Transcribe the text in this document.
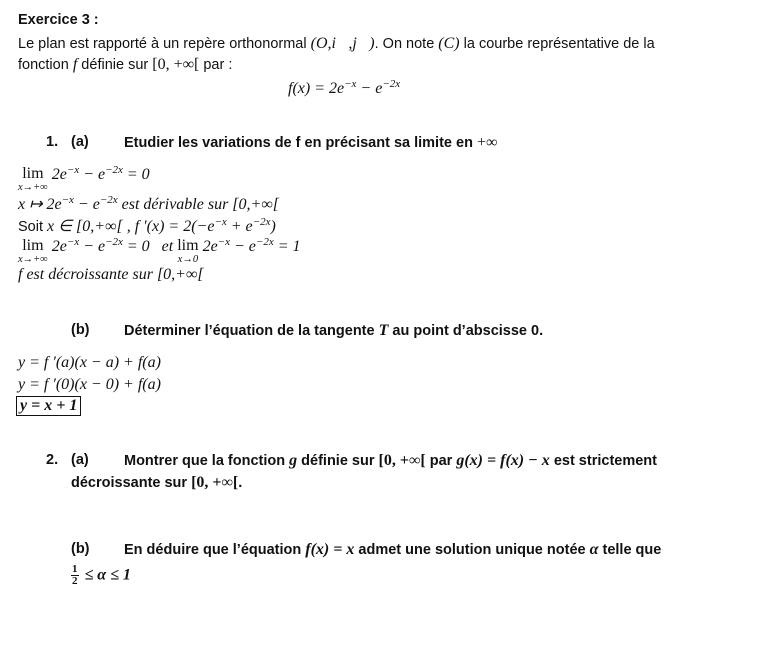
Exercice 3 :
Le plan est rapporté à un repère orthonormal (O,i⃗,j⃗). On note (C) la courbe représentative de la
fonction f définie sur [0, +∞[ par :
$f(x) = 2e^{-x} - e^{-2x}$
1. (a) Etudier les variations de f en précisant sa limite en +∞
lim
x→+∞
$2e^{-x} - e^{-2x} = 0$
x ↦ $2e^{-x} - e^{-2x}$ est dérivable sur [0,+∞[
Soit x ∈ [0,+∞[ , f $'(x) = 2(-e^{-x} + e^{-2x})$
lim
x→+∞
$2e^{-x} - e^{-2x} = 0$   et lim
x→0
$2e^{-x} - e^{-2x} = 1$
f est décroissante sur [0,+∞[
(b) Déterminer l’équation de la tangente T au point d’abscisse 0.
y = f ′(a)(x − a) + f(a)
y = f ′(0)(x − 0) + f(a)
y = x + 1
2. (a) Montrer que la fonction g définie sur [0, +∞[ par g(x) = f(x) − x est strictement
décroissante sur [0, +∞[.
(b) En déduire que l’équation f(x) = x admet une solution unique notée α telle que
$\frac{1}{2} \le \alpha \le 1$
